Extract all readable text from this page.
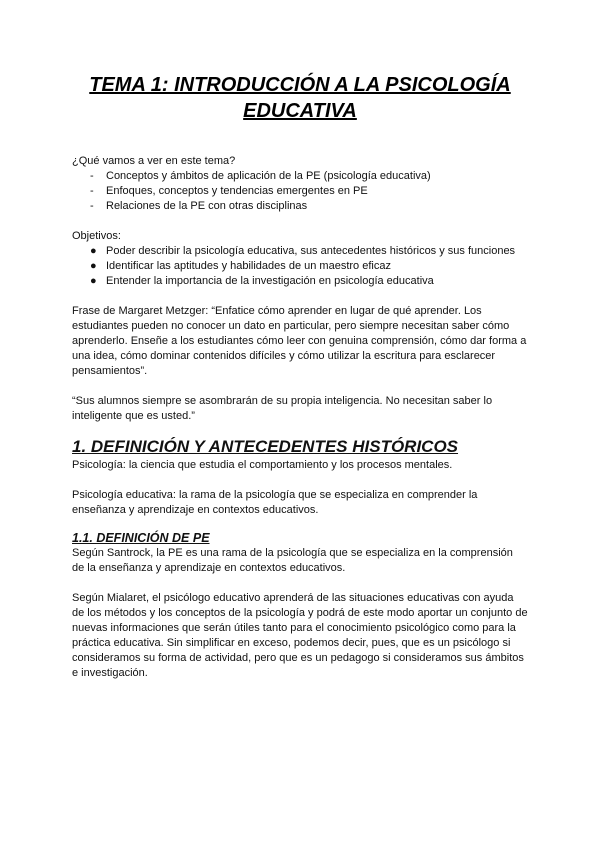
TEMA 1: INTRODUCCIÓN A LA PSICOLOGÍA
EDUCATIVA

¿Qué vamos a ver en este tema?

- Conceptos y ámbitos de aplicación de la PE (psicología educativa)
- Enfoques, conceptos y tendencias emergentes en PE
- Relaciones de la PE con otras disciplinas

Objetivos:

● Poder describir la psicología educativa, sus antecedentes históricos y sus funciones
● Identificar las aptitudes y habilidades de un maestro eficaz
● Entender la importancia de la investigación en psicología educativa

Frase de Margaret Metzger: “Enfatice cómo aprender en lugar de qué aprender. Los estudiantes pueden no conocer un dato en particular, pero siempre necesitan saber cómo aprenderlo. Enseñe a los estudiantes cómo leer con genuina comprensión, cómo dar forma a una idea, cómo dominar contenidos difíciles y cómo utilizar la escritura para esclarecer pensamientos”.

“Sus alumnos siempre se asombrarán de su propia inteligencia. No necesitan saber lo inteligente que es usted.”

1. DEFINICIÓN Y ANTECEDENTES HISTÓRICOS

Psicología: la ciencia que estudia el comportamiento y los procesos mentales.

Psicología educativa: la rama de la psicología que se especializa en comprender la enseñanza y aprendizaje en contextos educativos.

1.1. DEFINICIÓN DE PE

Según Santrock, la PE es una rama de la psicología que se especializa en la comprensión de la enseñanza y aprendizaje en contextos educativos.

Según Mialaret, el psicólogo educativo aprenderá de las situaciones educativas con ayuda de los métodos y los conceptos de la psicología y podrá de este modo aportar un conjunto de nuevas informaciones que serán útiles tanto para el conocimiento psicológico como para la práctica educativa. Sin simplificar en exceso, podemos decir, pues, que es un psicólogo si consideramos su forma de actividad, pero que es un pedagogo si consideramos sus ámbitos e investigación.
